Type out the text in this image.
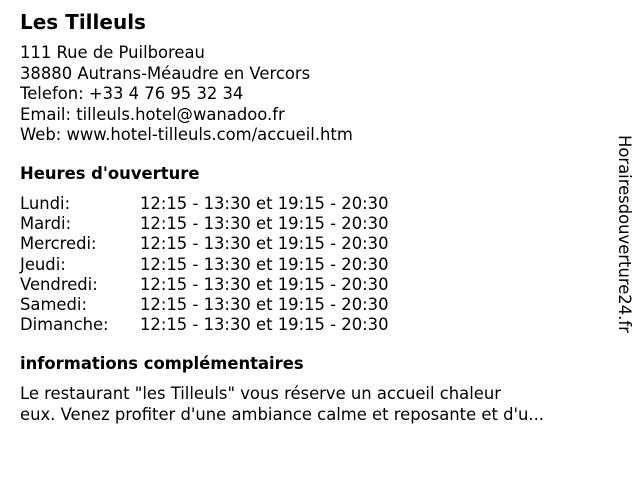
Les Tilleuls
111 Rue de Puilboreau
38880 Autrans-Méaudre en Vercors
Telefon: +33 4 76 95 32 34
Email: tilleuls.hotel@wanadoo.fr
Web: www.hotel-tilleuls.com/accueil.htm
Heures d'ouverture
Lundi:	12:15 - 13:30 et 19:15 - 20:30
Mardi:	12:15 - 13:30 et 19:15 - 20:30
Mercredi:	12:15 - 13:30 et 19:15 - 20:30
Jeudi:	12:15 - 13:30 et 19:15 - 20:30
Vendredi:	12:15 - 13:30 et 19:15 - 20:30
Samedi:	12:15 - 13:30 et 19:15 - 20:30
Dimanche: 12:15 - 13:30 et 19:15 - 20:30
informations complémentaires
Le restaurant "les Tilleuls" vous réserve un accueil chaleur
eux. Venez profiter d'une ambiance calme et reposante et d'u...
Horairesdouverture24.fr
